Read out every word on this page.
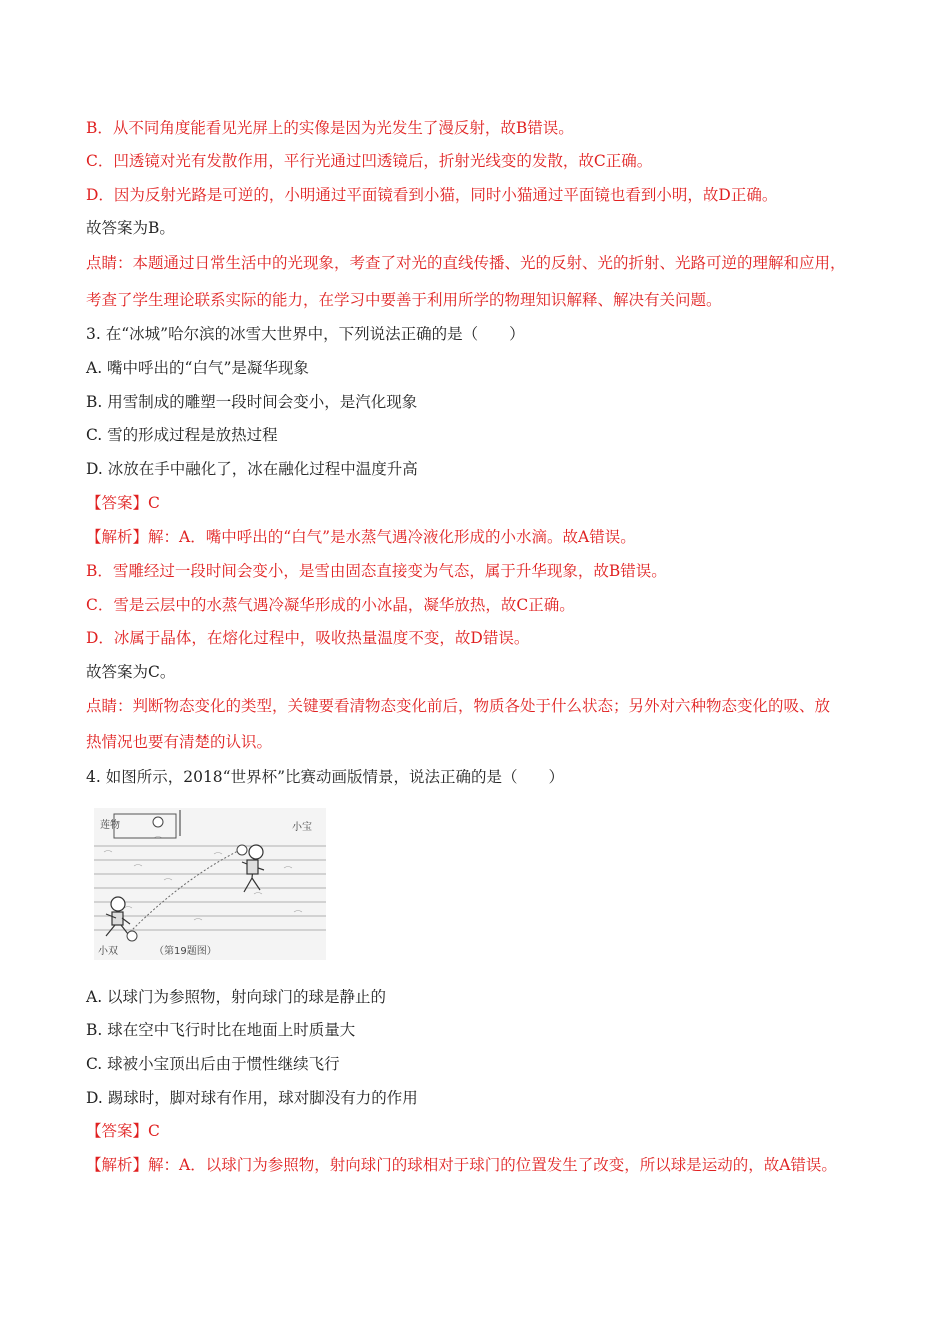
B．从不同角度能看见光屏上的实像是因为光发生了漫反射，故B错误。
C．凹透镜对光有发散作用，平行光通过凹透镜后，折射光线变的发散，故C正确。
D．因为反射光路是可逆的，小明通过平面镜看到小猫，同时小猫通过平面镜也看到小明，故D正确。
故答案为B。
点睛：本题通过日常生活中的光现象，考查了对光的直线传播、光的反射、光的折射、光路可逆的理解和应用，
考查了学生理论联系实际的能力，在学习中要善于利用所学的物理知识解释、解决有关问题。
3. 在“冰城”哈尔滨的冰雪大世界中，下列说法正确的是（　　）
A. 嘴中呼出的“白气”是凝华现象
B. 用雪制成的雕塑一段时间会变小，是汽化现象
C. 雪的形成过程是放热过程
D. 冰放在手中融化了，冰在融化过程中温度升高
【答案】C
【解析】解：A．嘴中呼出的“白气”是水蒸气遇冷液化形成的小水滴。故A错误。
B．雪雕经过一段时间会变小，是雪由固态直接变为气态，属于升华现象，故B错误。
C．雪是云层中的水蒸气遇冷凝华形成的小冰晶，凝华放热，故C正确。
D．冰属于晶体，在熔化过程中，吸收热量温度不变，故D错误。
故答案为C。
点睛：判断物态变化的类型，关键要看清物态变化前后，物质各处于什么状态；另外对六种物态变化的吸、放
热情况也要有清楚的认识。
4. 如图所示，2018“世界杯”比赛动画版情景，说法正确的是（　　）
莲物	小宝
小双	（第19题图）
A. 以球门为参照物，射向球门的球是静止的
B. 球在空中飞行时比在地面上时质量大
C. 球被小宝顶出后由于惯性继续飞行
D. 踢球时，脚对球有作用，球对脚没有力的作用
【答案】C
【解析】解：A．以球门为参照物，射向球门的球相对于球门的位置发生了改变，所以球是运动的，故A错误。
